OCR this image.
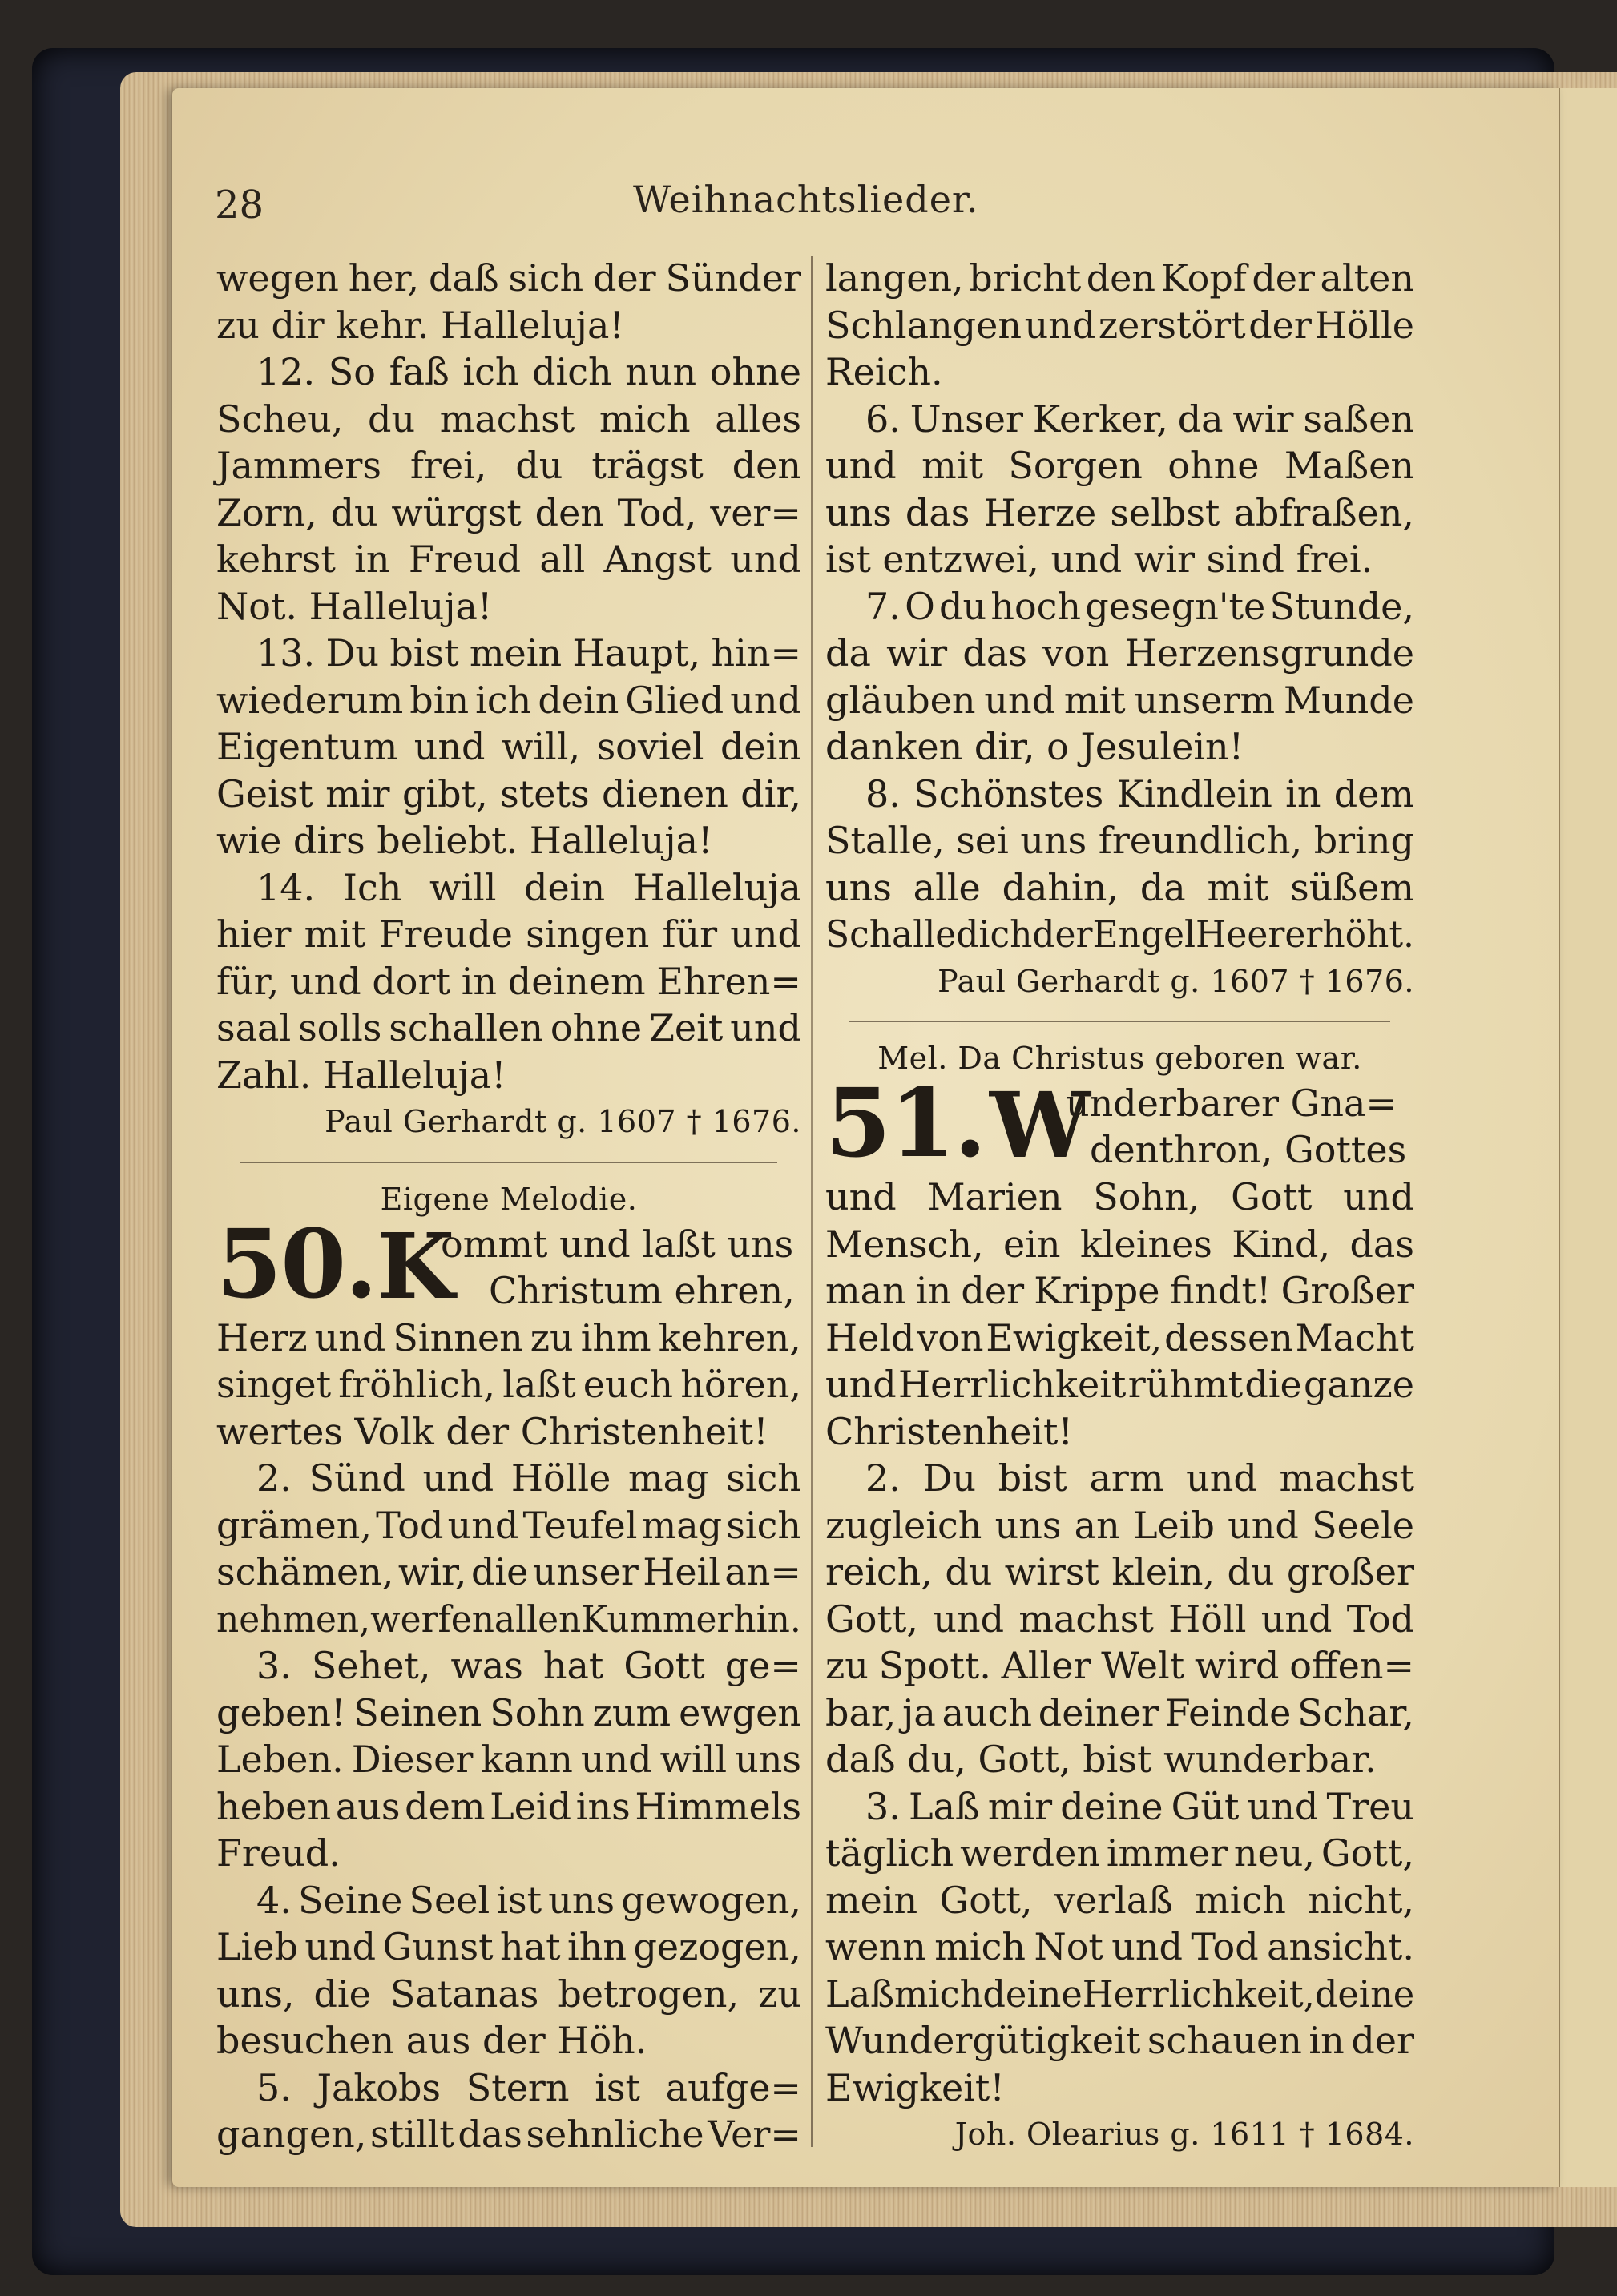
28	Weihnachtslieder.
wegen her, daß sich der Sünder
zu dir kehr. Halleluja!
12. So faß ich dich nun ohne
Scheu, du machst mich alles
Jammers frei, du trägst den
Zorn, du würgst den Tod, ver=
kehrst in Freud all Angst und
Not. Halleluja!
13. Du bist mein Haupt, hin=
wiederum bin ich dein Glied und
Eigentum und will, soviel dein
Geist mir gibt, stets dienen dir,
wie dirs beliebt. Halleluja!
14. Ich will dein Halleluja
hier mit Freude singen für und
für, und dort in deinem Ehren=
saal solls schallen ohne Zeit und
Zahl. Halleluja!
Paul Gerhardt g. 1607 † 1676.
Eigene Melodie.
50. K
ommt und laßt uns
Christum ehren,
Herz und Sinnen zu ihm kehren,
singet fröhlich, laßt euch hören,
wertes Volk der Christenheit!
2. Sünd und Hölle mag sich
grämen, Tod und Teufel mag sich
schämen, wir, die unser Heil an=
nehmen, werfen allen Kummer hin.
3. Sehet, was hat Gott ge=
geben! Seinen Sohn zum ewgen
Leben. Dieser kann und will uns
heben aus dem Leid ins Himmels
Freud.
4. Seine Seel ist uns gewogen,
Lieb und Gunst hat ihn gezogen,
uns, die Satanas betrogen, zu
besuchen aus der Höh.
5. Jakobs Stern ist aufge=
gangen, stillt das sehnliche Ver=
langen, bricht den Kopf der alten
Schlangen und zerstört der Hölle
Reich.
6. Unser Kerker, da wir saßen
und mit Sorgen ohne Maßen
uns das Herze selbst abfraßen,
ist entzwei, und wir sind frei.
7. O du hoch gesegn'te Stunde,
da wir das von Herzensgrunde
gläuben und mit unserm Munde
danken dir, o Jesulein!
8. Schönstes Kindlein in dem
Stalle, sei uns freundlich, bring
uns alle dahin, da mit süßem
Schalle dich der Engel Heer erhöht.
Paul Gerhardt g. 1607 † 1676.
Mel. Da Christus geboren war.
51. W
underbarer Gna=
denthron, Gottes
und Marien Sohn, Gott und
Mensch, ein kleines Kind, das
man in der Krippe findt! Großer
Held von Ewigkeit, dessen Macht
und Herrlichkeit rühmt die ganze
Christenheit!
2. Du bist arm und machst
zugleich uns an Leib und Seele
reich, du wirst klein, du großer
Gott, und machst Höll und Tod
zu Spott. Aller Welt wird offen=
bar, ja auch deiner Feinde Schar,
daß du, Gott, bist wunderbar.
3. Laß mir deine Güt und Treu
täglich werden immer neu, Gott,
mein Gott, verlaß mich nicht,
wenn mich Not und Tod ansicht.
Laß mich deine Herrlichkeit, deine
Wundergütigkeit schauen in der
Ewigkeit!
Joh. Olearius g. 1611 † 1684.
